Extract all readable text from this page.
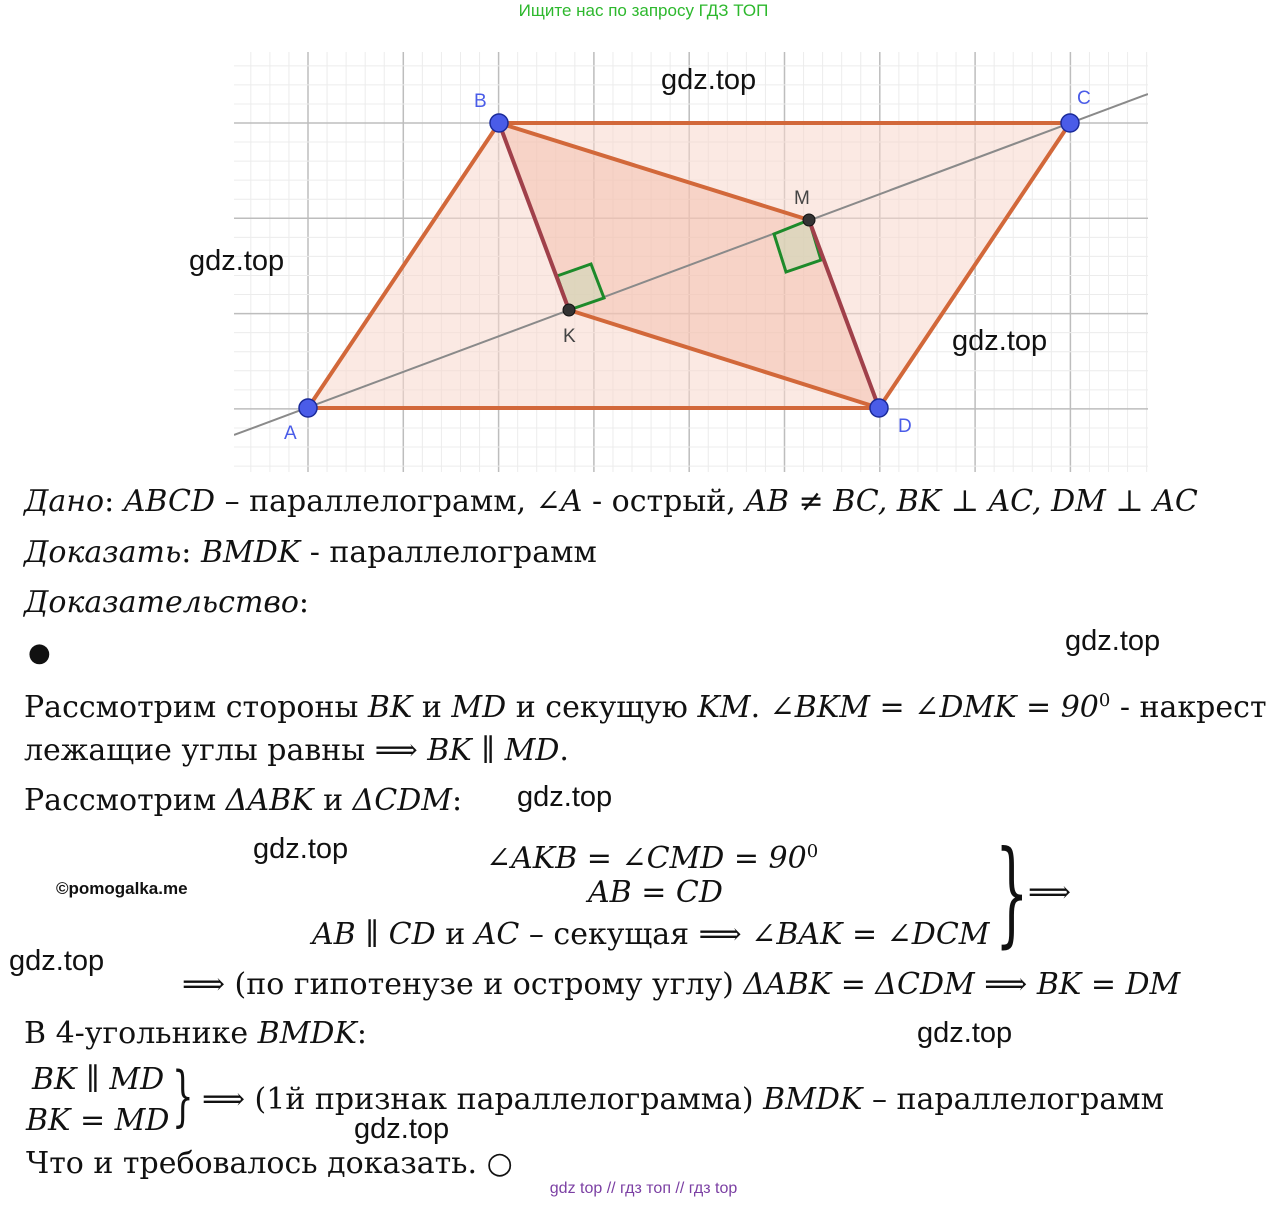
Ищите нас по запросу ГДЗ ТОП
A
B	C
D
K
M
gdz.top
gdz.top
gdz.top
Дано: ABCD – параллелограмм, ∠A - острый, AB ≠ BC, BK ⊥ AC, DM ⊥ AC
Доказать: BMDK - параллелограмм
Доказательство:
●	gdz.top
Рассмотрим стороны BK и MD и секущую KM. ∠BKM = ∠DMK = $90^0$ - накрест
лежащие углы равны ⟹ BK ∥ MD.
Рассмотрим ΔABK и ΔCDM: gdz.top
gdz.top
©pomogalka.me
∠AKB = ∠CMD = $90^0$
AB = CD
AB ∥ CD и AC – секущая ⟹ ∠BAK = ∠DCM } ⟹
gdz.top
⟹ (по гипотенузе и острому углу) ΔABK = ΔCDM ⟹ BK = DM
В 4-угольнике BMDK:	gdz.top
BK ∥ MD
BK = MD } ⟹ (1й признак параллелограмма) BMDK – параллелограмм
gdz.top
Что и требовалось доказать. ○
gdz top // гдз топ // гдз top
